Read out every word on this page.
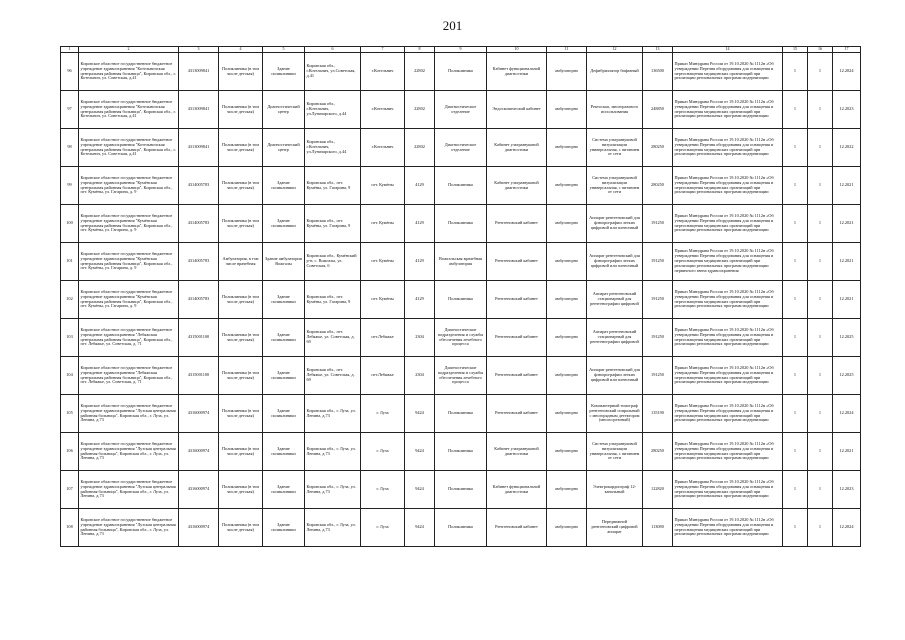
201
1	2	3	4	5	6	7	8	9	10	11	12	13	14	15	16	17
96	Кировское областное государственное бюджетное учреждение здравоохранения "Котельничская центральная районная больница", Кировская обл., г. Котельнич, ул. Советская, д.41	4313009841	Поликлиника (в том числе детская)	Здание поликлиники	Кировская обл., г.Котельнич, ул.Советская, д.41	г.Котельнич	22802	Поликлиника	Кабинет функциональной диагностики	амбулаторно	Дефибриллятор бифазный	136500	Приказ Минздрава России от 19.10.2020 № 1112н «Об утверждении Перечня оборудования для оснащения и переоснащения медицинских организаций при реализации региональных программ модернизации	1	1	12.2024
97	Кировское областное государственное бюджетное учреждение здравоохранения "Котельничская центральная районная больница", Кировская обл., г. Котельнич, ул. Советская, д.41	4313009841	Поликлиника (в том числе детская)	Диагностический центр	Кировская обл., г.Котельнич, ул.Луначарского, д.44	г.Котельнич	22802	Диагностическое отделение	Эндоскопический кабинет	амбулаторно	Ректоскоп, многоразового использования	248850	Приказ Минздрава России от 19.10.2020 № 1112н «Об утверждении Перечня оборудования для оснащения и переоснащения медицинских организаций при реализации региональных программ модернизации	1	1	12.2023
98	Кировское областное государственное бюджетное учреждение здравоохранения "Котельничская центральная районная больница", Кировская обл., г. Котельнич, ул. Советская, д.41	4313009841	Поликлиника (в том числе детская)	Диагностический центр	Кировская обл., г.Котельнич, ул.Луначарского, д.44	г.Котельнич	22802	Диагностическое отделение	Кабинет ультразвуковой диагностики	амбулаторно	Система ультразвуковой визуализации универсальная, с питанием от сети	280250	Приказ Минздрава России от 19.10.2020 № 1112н «Об утверждении Перечня оборудования для оснащения и переоснащения медицинских организаций при реализации региональных программ модернизации	1	1	12.2022
99	Кировское областное государственное бюджетное учреждение здравоохранения "Кумёнская центральная районная больница", Кировская обл., пгт. Кумёны, ул. Гагарина, д. 9	4314005783	Поликлиника (в том числе детская)	Здание поликлиники	Кировская обл., пгт. Кумёны, ул. Гагарина, 9	пгт. Кумёны	4129	Поликлиника	Кабинет ультразвуковой диагностики	амбулаторно	Система ультразвуковой визуализации универсальная, с питанием от сети	280250	Приказ Минздрава России от 19.10.2020 № 1112н «Об утверждении Перечня оборудования для оснащения и переоснащения медицинских организаций при реализации региональных программ модернизации	1	1	12.2021
100	Кировское областное государственное бюджетное учреждение здравоохранения "Кумёнская центральная районная больница", Кировская обл., пгт. Кумёны, ул. Гагарина, д. 9	4314005783	Поликлиника (в том числе детская)	Здание поликлиники	Кировская обл., пгт. Кумёны, ул. Гагарина, 9	пгт. Кумёны	4129	Поликлиника	Рентгеновский кабинет	амбулаторно	Аппарат рентгеновский для флюорографии легких цифровой или пленочный	191250	Приказ Минздрава России от 19.10.2020 № 1112н «Об утверждении Перечня оборудования для оснащения и переоснащения медицинских организаций при реализации региональных программ модернизации	1	1	12.2021
101	Кировское областное государственное бюджетное учреждение здравоохранения "Кумёнская центральная районная больница", Кировская обл., пгт. Кумёны, ул. Гагарина, д. 9	4314005783	Амбулатория, в том числе врачебная	Здание амбулатории Вожгалы	Кировская обл., Кумёнский р-н, с. Вожгалы, ул. Советская, 6	пгт. Кумёны	4129	Вожгальская врачебная амбулатория	Рентгеновский кабинет	амбулаторно	Аппарат рентгеновский для флюорографии легких цифровой или пленочный	191250	Приказ Минздрава России от 19.10.2020 № 1112н «Об утверждении Перечня оборудования для оснащения и переоснащения медицинских организаций при реализации региональных программ модернизации первичного звена здравоохранения	1	1	12.2021
102	Кировское областное государственное бюджетное учреждение здравоохранения "Кумёнская центральная районная больница", Кировская обл., пгт. Кумёны, ул. Гагарина, д. 9	4314005783	Поликлиника (в том числе детская)	Здание поликлиники	Кировская обл., пгт. Кумёны, ул. Гагарина, 9	пгт. Кумёны	4129	Поликлиника	Рентгеновский кабинет	амбулаторно	Аппарат рентгеновский стационарный для рентгенографии цифровой	191250	Приказ Минздрава России от 19.10.2020 № 1112н «Об утверждении Перечня оборудования для оснащения и переоснащения медицинских организаций при реализации региональных программ модернизации	1	1	12.2021
103	Кировское областное государственное бюджетное учреждение здравоохранения "Лебяжская центральная районная больница", Кировская обл., пгт. Лебяжье, ул. Советская, д. 71	4315001100	Поликлиника (в том числе детская)	Здание поликлиники	Кировская обл., пгт. Лебяжье, ул. Советская, д. 69	пгт.Лебяжье	2304	Диагностические подразделения и службы обеспечения лечебного процесса	Рентгеновский кабинет	амбулаторно	Аппарат рентгеновский стационарный для рентгенографии цифровой	191250	Приказ Минздрава России от 19.10.2020 № 1112н «Об утверждении Перечня оборудования для оснащения и переоснащения медицинских организаций при реализации региональных программ модернизации	1	1	12.2025
104	Кировское областное государственное бюджетное учреждение здравоохранения "Лебяжская центральная районная больница", Кировская обл., пгт. Лебяжье, ул. Советская, д. 71	4315001100	Поликлиника (в том числе детская)	Здание поликлиники	Кировская обл., пгт. Лебяжье, ул. Советская, д. 69	пгт.Лебяжье	2304	Диагностические подразделения и службы обеспечения лечебного процесса	Рентгеновский кабинет	амбулаторно	Аппарат рентгеновский для флюорографии легких цифровой или пленочный	191250	Приказ Минздрава России от 19.10.2020 № 1112н «Об утверждении Перечня оборудования для оснащения и переоснащения медицинских организаций при реализации региональных программ модернизации	1	1	12.2025
105	Кировское областное государственное бюджетное учреждение здравоохранения "Лузская центральная районная больница", Кировская обл., г. Луза, ул. Ленина, д.73	4316000974	Поликлиника (в том числе детская)	Здание поликлиники	Кировская обл., г. Луза, ул. Ленина, д.73	г. Луза	9424	Поликлиника	Рентгеновский кабинет	амбулаторно	Компьютерный томограф рентгеновский спиральный с многорядным детектором (многосрезовый)	135190	Приказ Минздрава России от 19.10.2020 № 1112н «Об утверждении Перечня оборудования для оснащения и переоснащения медицинских организаций при реализации региональных программ модернизации	1	1	12.2024
106	Кировское областное государственное бюджетное учреждение здравоохранения "Лузская центральная районная больница", Кировская обл., г. Луза, ул. Ленина, д.73	4316000974	Поликлиника (в том числе детская)	Здание поликлиники	Кировская обл., г. Луза, ул. Ленина, д.73	г. Луза	9424	Поликлиника	Кабинет ультразвуковой диагностики	амбулаторно	Система ультразвуковой визуализации универсальная, с питанием от сети	280250	Приказ Минздрава России от 19.10.2020 № 1112н «Об утверждении Перечня оборудования для оснащения и переоснащения медицинских организаций при реализации региональных программ модернизации	1	1	12.2021
107	Кировское областное государственное бюджетное учреждение здравоохранения "Лузская центральная районная больница", Кировская обл., г. Луза, ул. Ленина, д.73	4316000974	Поликлиника (в том числе детская)	Здание поликлиники	Кировская обл., г. Луза, ул. Ленина, д.73	г. Луза	9424	Поликлиника	Кабинет функциональной диагностики	амбулаторно	Электрокардиограф 12-канальный	122820	Приказ Минздрава России от 19.10.2020 № 1112н «Об утверждении Перечня оборудования для оснащения и переоснащения медицинских организаций при реализации региональных программ модернизации	1	1	12.2023
108	Кировское областное государственное бюджетное учреждение здравоохранения "Лузская центральная районная больница", Кировская обл., г. Луза, ул. Ленина, д.73	4316000974	Поликлиника (в том числе детская)	Здание поликлиники	Кировская обл., г. Луза, ул. Ленина, д.73	г. Луза	9424	Поликлиника	Рентгеновский кабинет	амбулаторно	Передвижной рентгеновский цифровой аппарат	113080	Приказ Минздрава России от 19.10.2020 № 1112н «Об утверждении Перечня оборудования для оснащения и переоснащения медицинских организаций при реализации региональных программ модернизации	1	1	12.2024
